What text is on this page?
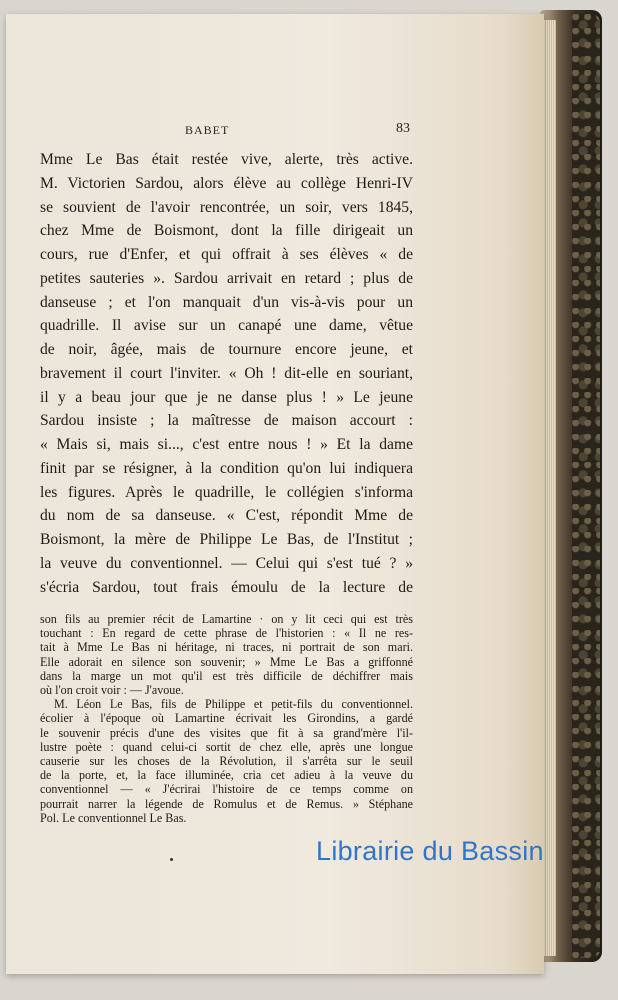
BABET	83
Mme Le Bas était restée vive, alerte, très active.
M. Victorien Sardou, alors élève au collège Henri-IV
se souvient de l'avoir rencontrée, un soir, vers 1845,
chez Mme de Boismont, dont la fille dirigeait un
cours, rue d'Enfer, et qui offrait à ses élèves « de
petites sauteries ». Sardou arrivait en retard ; plus de
danseuse ; et l'on manquait d'un vis-à-vis pour un
quadrille. Il avise sur un canapé une dame, vêtue
de noir, âgée, mais de tournure encore jeune, et
bravement il court l'inviter. « Oh ! dit-elle en souriant,
il y a beau jour que je ne danse plus ! » Le jeune
Sardou insiste ; la maîtresse de maison accourt :
« Mais si, mais si..., c'est entre nous ! » Et la dame
finit par se résigner, à la condition qu'on lui indiquera
les figures. Après le quadrille, le collégien s'informa
du nom de sa danseuse. « C'est, répondit Mme de
Boismont, la mère de Philippe Le Bas, de l'Institut ;
la veuve du conventionnel. — Celui qui s'est tué ? »
s'écria Sardou, tout frais émoulu de la lecture de
son fils au premier récit de Lamartine · on y lit ceci qui est très
touchant : En regard de cette phrase de l'historien : « Il ne res-
tait à Mme Le Bas ni héritage, ni traces, ni portrait de son mari.
Elle adorait en silence son souvenir; » Mme Le Bas a griffonné
dans la marge un mot qu'il est très difficile de déchiffrer mais
où l'on croit voir : — J'avoue.
M. Léon Le Bas, fils de Philippe et petit-fils du conventionnel.
écolier à l'époque où Lamartine écrivait les Girondins, a gardé
le souvenir précis d'une des visites que fit à sa grand'mère l'il-
lustre poète : quand celui-ci sortit de chez elle, après une longue
causerie sur les choses de la Révolution, il s'arrêta sur le seuil
de la porte, et, la face illuminée, cria cet adieu à la veuve du
conventionnel — « J'écrirai l'histoire de ce temps comme on
pourrait narrer la légende de Romulus et de Remus. » Stéphane
Pol. Le conventionnel Le Bas.
Librairie du Bassin
